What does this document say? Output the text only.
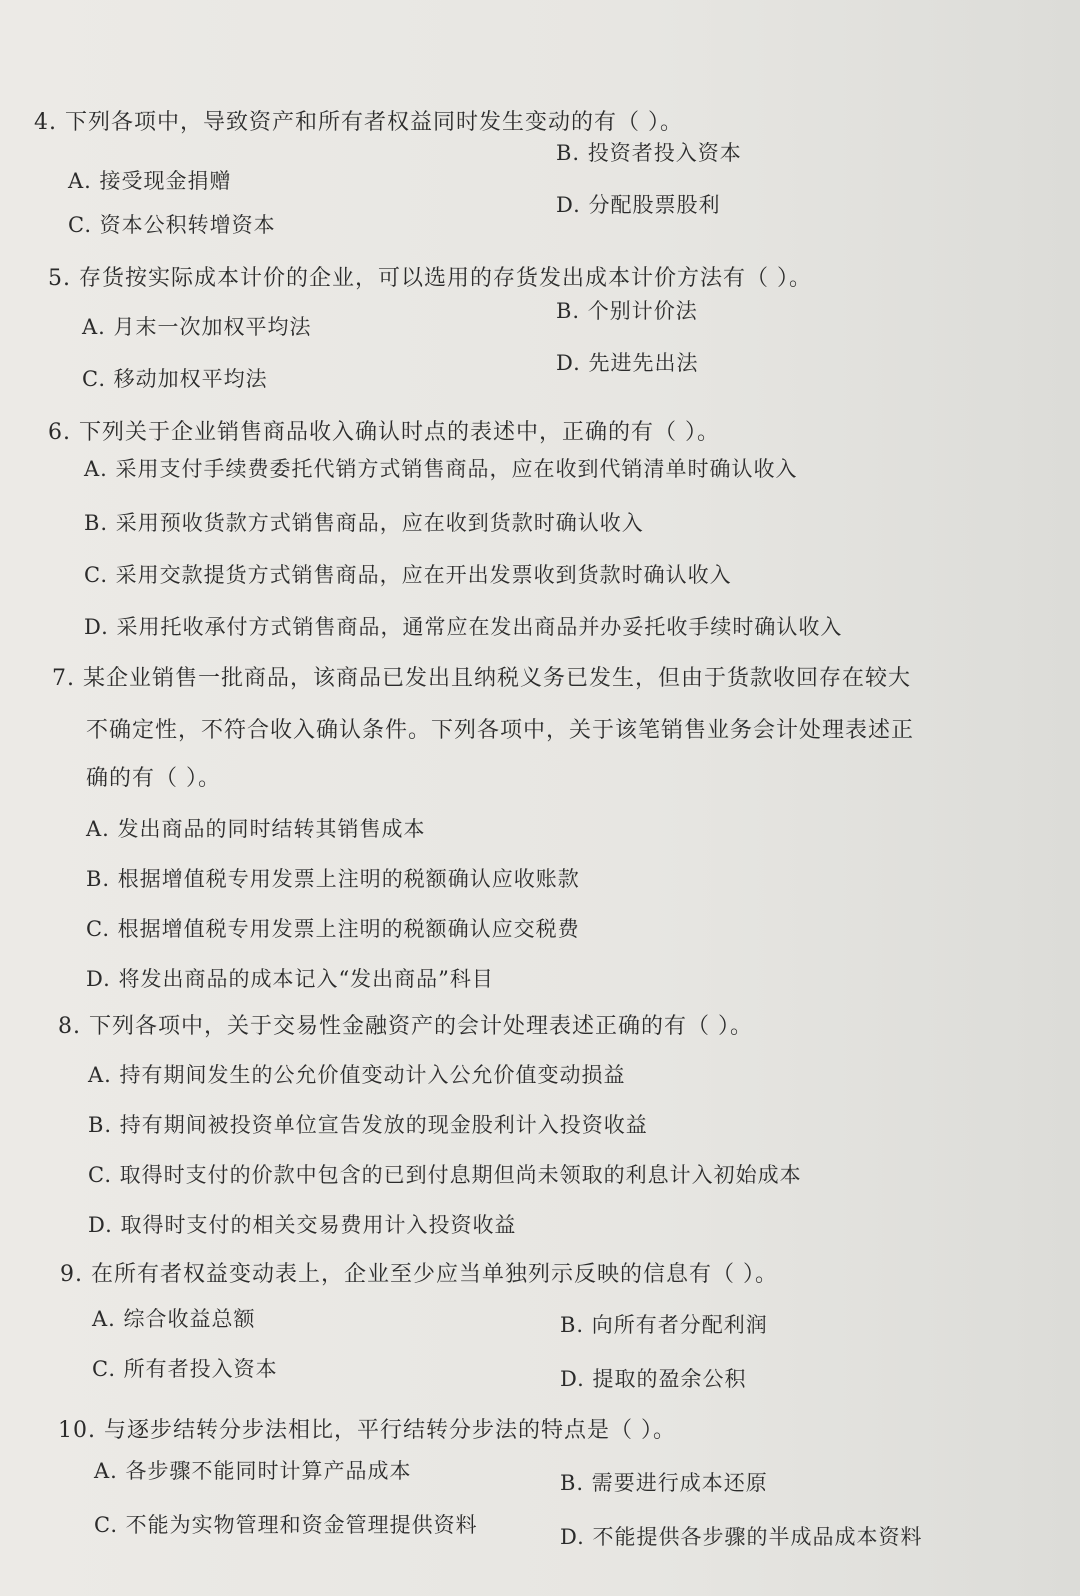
4. 下列各项中，导致资产和所有者权益同时发生变动的有（ ）。
A. 接受现金捐赠
B. 投资者投入资本
C. 资本公积转增资本
D. 分配股票股利
5. 存货按实际成本计价的企业，可以选用的存货发出成本计价方法有（ ）。
A. 月末一次加权平均法
B. 个别计价法
C. 移动加权平均法
D. 先进先出法
6. 下列关于企业销售商品收入确认时点的表述中，正确的有（ ）。
A. 采用支付手续费委托代销方式销售商品，应在收到代销清单时确认收入
B. 采用预收货款方式销售商品，应在收到货款时确认收入
C. 采用交款提货方式销售商品，应在开出发票收到货款时确认收入
D. 采用托收承付方式销售商品，通常应在发出商品并办妥托收手续时确认收入
7. 某企业销售一批商品，该商品已发出且纳税义务已发生，但由于货款收回存在较大
不确定性，不符合收入确认条件。下列各项中，关于该笔销售业务会计处理表述正
确的有（ ）。
A. 发出商品的同时结转其销售成本
B. 根据增值税专用发票上注明的税额确认应收账款
C. 根据增值税专用发票上注明的税额确认应交税费
D. 将发出商品的成本记入“发出商品”科目
8. 下列各项中，关于交易性金融资产的会计处理表述正确的有（ ）。
A. 持有期间发生的公允价值变动计入公允价值变动损益
B. 持有期间被投资单位宣告发放的现金股利计入投资收益
C. 取得时支付的价款中包含的已到付息期但尚未领取的利息计入初始成本
D. 取得时支付的相关交易费用计入投资收益
9. 在所有者权益变动表上，企业至少应当单独列示反映的信息有（ ）。
A. 综合收益总额	B. 向所有者分配利润
C. 所有者投入资本	D. 提取的盈余公积
10. 与逐步结转分步法相比，平行结转分步法的特点是（ ）。
A. 各步骤不能同时计算产品成本	B. 需要进行成本还原
C. 不能为实物管理和资金管理提供资料	D. 不能提供各步骤的半成品成本资料
